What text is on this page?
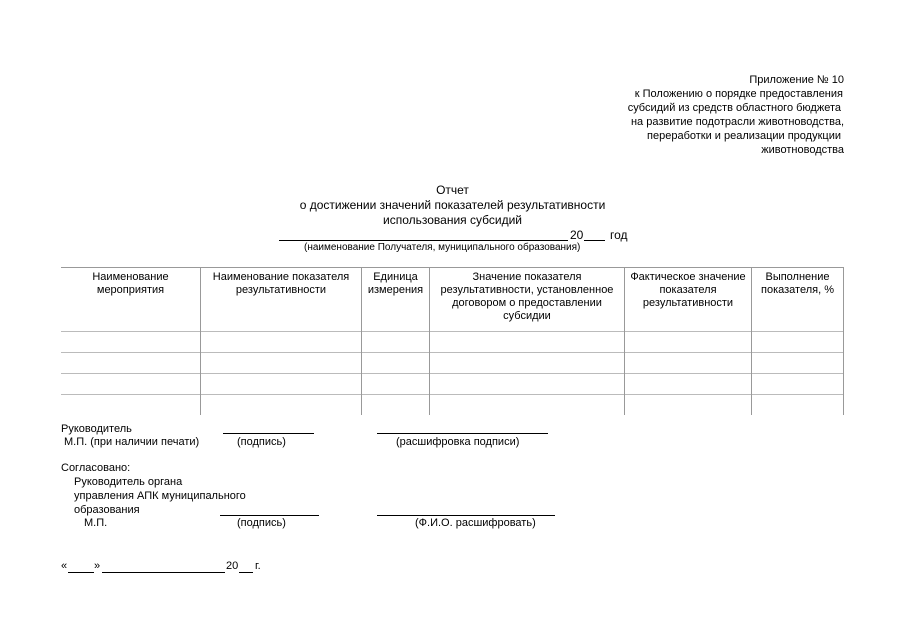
Приложение № 10
к Положению о порядке предоставления
субсидий из средств областного бюджета
на развитие подотрасли животноводства,
переработки и реализации продукции
животноводства
Отчет
о достижении значений показателей результативности
использования субсидий
20 год
(наименование Получателя, муниципального образования)
Наименование мероприятия	Наименование показателя результативности	Единица измерения	Значение показателя результативности, установленное договором о предоставлении субсидии	Фактическое значение показателя результативности	Выполнение показателя, %

Руководитель
М.П. (при наличии печати)	(подпись)	(расшифровка подписи)
Согласовано:
Руководитель органа
управления АПК муниципального
образования
М.П.	(подпись)	(Ф.И.О. расшифровать)
« »	20 г.
